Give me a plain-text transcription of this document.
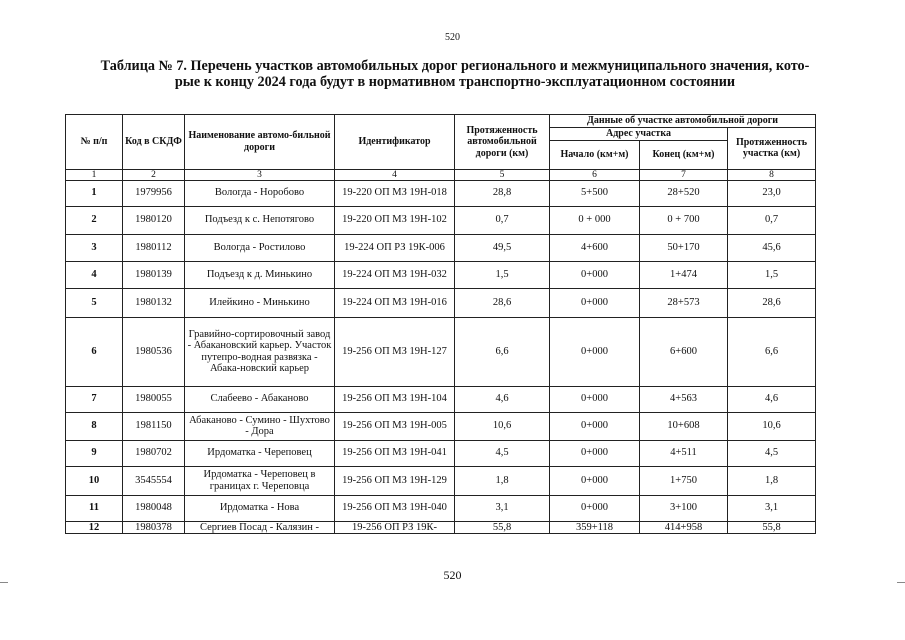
520
Таблица № 7. Перечень участков автомобильных дорог регионального и межмуниципального значения, кото-
рые к концу 2024 года будут в нормативном транспортно-эксплуатационном состоянии
№ п/п	Код в СКДФ	Наименование автомо-бильной дороги	Идентификатор	Протяженность автомобильной дороги (км)	Данные об участке автомобильной дороги		
					Адрес участка		Протяженность участка (км)
					Начало (км+м)	Конец (км+м)	
1	2	3	4	5	6	7	8
1	1979956	Вологда - Норобово	19-220 ОП МЗ 19Н-018	28,8	5+500	28+520	23,0
2	1980120	Подъезд к с. Непотягово	19-220 ОП МЗ 19Н-102	0,7	0 + 000	0 + 700	0,7
3	1980112	Вологда - Ростилово	19-224 ОП РЗ 19К-006	49,5	4+600	50+170	45,6
4	1980139	Подъезд к д. Минькино	19-224 ОП МЗ 19Н-032	1,5	0+000	1+474	1,5
5	1980132	Илейкино - Минькино	19-224 ОП МЗ 19Н-016	28,6	0+000	28+573	28,6
6	1980536	Гравийно-сортировочный завод - Абакановский карьер. Участок путепро-водная развязка - Абака-новский карьер	19-256 ОП МЗ 19Н-127	6,6	0+000	6+600	6,6
7	1980055	Слабеево - Абаканово	19-256 ОП МЗ 19Н-104	4,6	0+000	4+563	4,6
8	1981150	Абаканово - Сумино - Шухтово - Дора	19-256 ОП МЗ 19Н-005	10,6	0+000	10+608	10,6
9	1980702	Ирдоматка - Череповец	19-256 ОП МЗ 19Н-041	4,5	0+000	4+511	4,5
10	3545554	Ирдоматка - Череповец в границах г. Череповца	19-256 ОП МЗ 19Н-129	1,8	0+000	1+750	1,8
11	1980048	Ирдоматка - Нова	19-256 ОП МЗ 19Н-040	3,1	0+000	3+100	3,1
12	1980378	Сергиев Посад - Калязин -	19-256 ОП РЗ 19К-	55,8	359+118	414+958	55,8
520
